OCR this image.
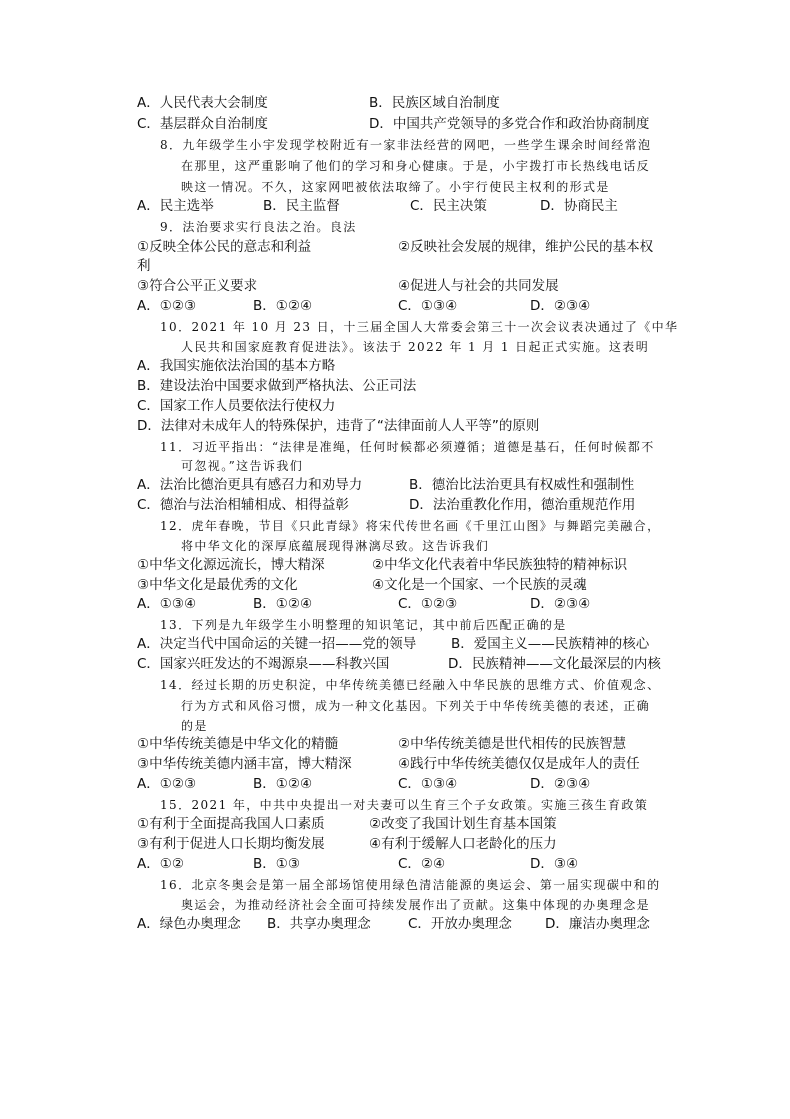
A．人民代表大会制度	B．民族区域自治制度
C．基层群众自治制度	D．中国共产党领导的多党合作和政治协商制度
8．九年级学生小宇发现学校附近有一家非法经营的网吧，一些学生课余时间经常泡
在那里，这严重影响了他们的学习和身心健康。于是，小宇拨打市长热线电话反
映这一情况。不久，这家网吧被依法取缔了。小宇行使民主权利的形式是
A．民主选举	B．民主监督	C．民主决策	D．协商民主
9．法治要求实行良法之治。良法
①反映全体公民的意志和利益	②反映社会发展的规律，维护公民的基本权
利
③符合公平正义要求	④促进人与社会的共同发展
A．①②③	B．①②④	C．①③④	D．②③④
10．2021 年 10 月 23 日，十三届全国人大常委会第三十一次会议表决通过了《中华
人民共和国家庭教育促进法》。该法于 2022 年 1 月 1 日起正式实施。这表明
A．我国实施依法治国的基本方略
B．建设法治中国要求做到严格执法、公正司法
C．国家工作人员要依法行使权力
D．法律对未成年人的特殊保护，违背了“法律面前人人平等”的原则
11．习近平指出：“法律是准绳，任何时候都必须遵循；道德是基石，任何时候都不
可忽视。”这告诉我们
A．法治比德治更具有感召力和劝导力	B．德治比法治更具有权威性和强制性
C．德治与法治相辅相成、相得益彰	D．法治重教化作用，德治重规范作用
12．虎年春晚，节目《只此青绿》将宋代传世名画《千里江山图》与舞蹈完美融合，
将中华文化的深厚底蕴展现得淋漓尽致。这告诉我们
①中华文化源远流长，博大精深	②中华文化代表着中华民族独特的精神标识
③中华文化是最优秀的文化	④文化是一个国家、一个民族的灵魂
A．①③④	B．①②④	C．①②③	D．②③④
13．下列是九年级学生小明整理的知识笔记，其中前后匹配正确的是
A．决定当代中国命运的关键一招——党的领导	B．爱国主义——民族精神的核心
C．国家兴旺发达的不竭源泉——科教兴国	D．民族精神——文化最深层的内核
14．经过长期的历史积淀，中华传统美德已经融入中华民族的思维方式、价值观念、
行为方式和风俗习惯，成为一种文化基因。下列关于中华传统美德的表述，正确
的是
①中华传统美德是中华文化的精髓	②中华传统美德是世代相传的民族智慧
③中华传统美德内涵丰富，博大精深	④践行中华传统美德仅仅是成年人的责任
A．①②③	B．①②④	C．①③④	D．②③④
15．2021 年，中共中央提出一对夫妻可以生育三个子女政策。实施三孩生育政策
①有利于全面提高我国人口素质	②改变了我国计划生育基本国策
③有利于促进人口长期均衡发展	④有利于缓解人口老龄化的压力
A．①②	B．①③	C．②④	D．③④
16．北京冬奥会是第一届全部场馆使用绿色清洁能源的奥运会、第一届实现碳中和的
奥运会，为推动经济社会全面可持续发展作出了贡献。这集中体现的办奥理念是
A．绿色办奥理念 B．共享办奥理念	C．开放办奥理念 D．廉洁办奥理念
